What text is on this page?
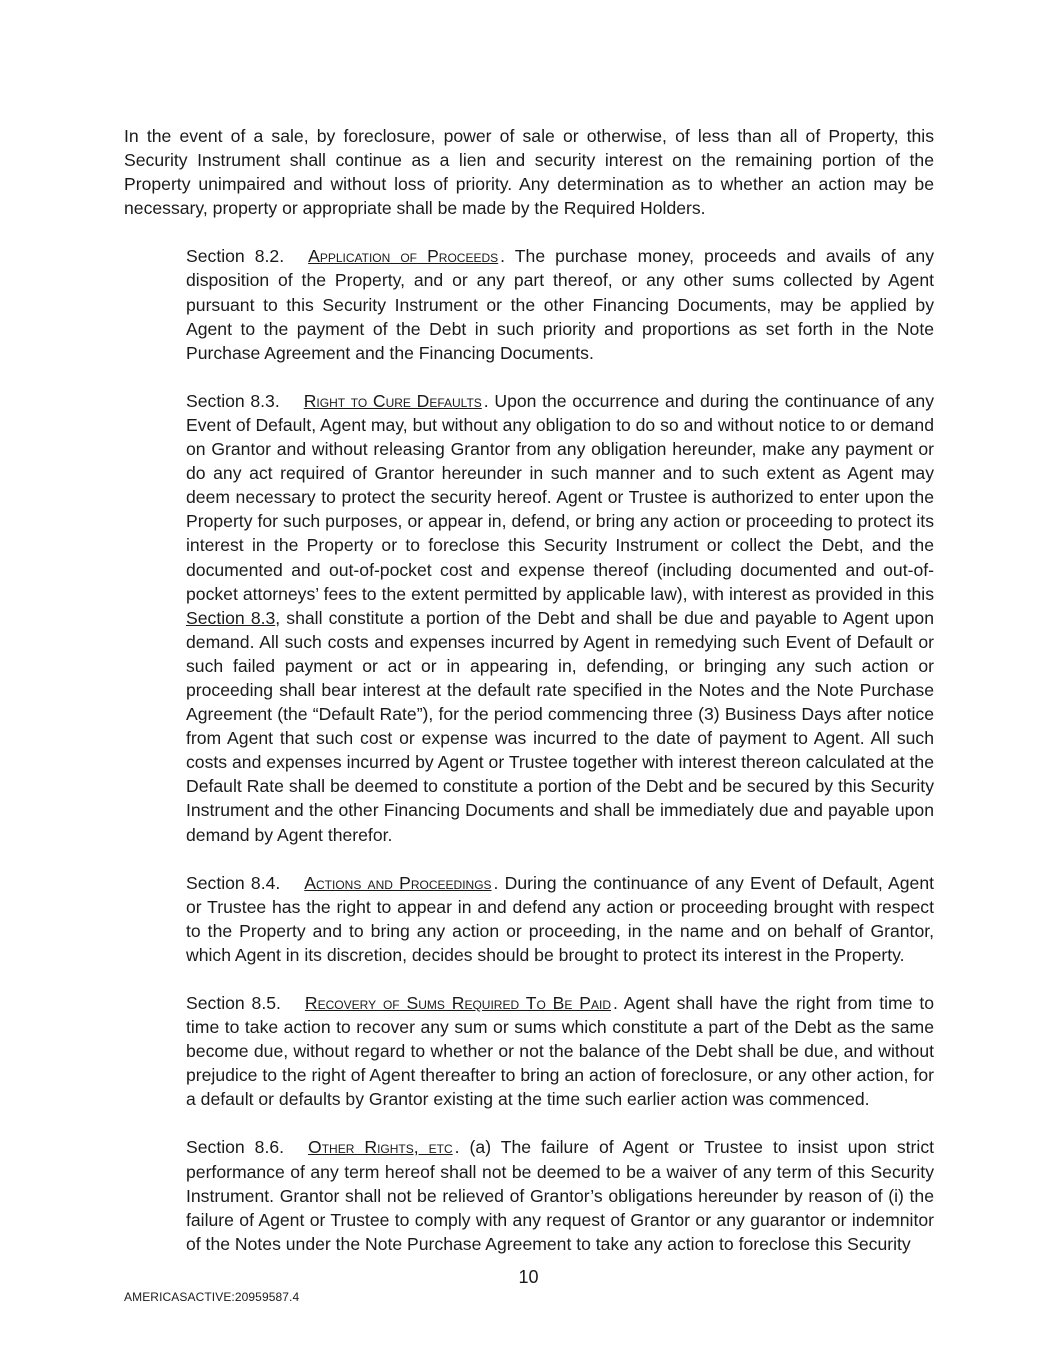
In the event of a sale, by foreclosure, power of sale or otherwise, of less than all of Property, this Security Instrument shall continue as a lien and security interest on the remaining portion of the Property unimpaired and without loss of priority. Any determination as to whether an action may be necessary, property or appropriate shall be made by the Required Holders.

Section 8.2. Application of Proceeds . The purchase money, proceeds and avails of any disposition of the Property, and or any part thereof, or any other sums collected by Agent pursuant to this Security Instrument or the other Financing Documents, may be applied by Agent to the payment of the Debt in such priority and proportions as set forth in the Note Purchase Agreement and the Financing Documents.

Section 8.3. Right to Cure Defaults . Upon the occurrence and during the continuance of any Event of Default, Agent may, but without any obligation to do so and without notice to or demand on Grantor and without releasing Grantor from any obligation hereunder, make any payment or do any act required of Grantor hereunder in such manner and to such extent as Agent may deem necessary to protect the security hereof. Agent or Trustee is authorized to enter upon the Property for such purposes, or appear in, defend, or bring any action or proceeding to protect its interest in the Property or to foreclose this Security Instrument or collect the Debt, and the documented and out-of-pocket cost and expense thereof (including documented and out-of-pocket attorneys’ fees to the extent permitted by applicable law), with interest as provided in this Section 8.3, shall constitute a portion of the Debt and shall be due and payable to Agent upon demand. All such costs and expenses incurred by Agent in remedying such Event of Default or such failed payment or act or in appearing in, defending, or bringing any such action or proceeding shall bear interest at the default rate specified in the Notes and the Note Purchase Agreement (the “Default Rate”), for the period commencing three (3) Business Days after notice from Agent that such cost or expense was incurred to the date of payment to Agent. All such costs and expenses incurred by Agent or Trustee together with interest thereon calculated at the Default Rate shall be deemed to constitute a portion of the Debt and be secured by this Security Instrument and the other Financing Documents and shall be immediately due and payable upon demand by Agent therefor.

Section 8.4. Actions and Proceedings . During the continuance of any Event of Default, Agent or Trustee has the right to appear in and defend any action or proceeding brought with respect to the Property and to bring any action or proceeding, in the name and on behalf of Grantor, which Agent in its discretion, decides should be brought to protect its interest in the Property.

Section 8.5. Recovery of Sums Required To Be Paid . Agent shall have the right from time to time to take action to recover any sum or sums which constitute a part of the Debt as the same become due, without regard to whether or not the balance of the Debt shall be due, and without prejudice to the right of Agent thereafter to bring an action of foreclosure, or any other action, for a default or defaults by Grantor existing at the time such earlier action was commenced.

Section 8.6. Other Rights, etc . (a) The failure of Agent or Trustee to insist upon strict performance of any term hereof shall not be deemed to be a waiver of any term of this Security Instrument. Grantor shall not be relieved of Grantor’s obligations hereunder by reason of (i) the failure of Agent or Trustee to comply with any request of Grantor or any guarantor or indemnitor of the Notes under the Note Purchase Agreement to take any action to foreclose this Security

10
AMERICASACTIVE:20959587.4
